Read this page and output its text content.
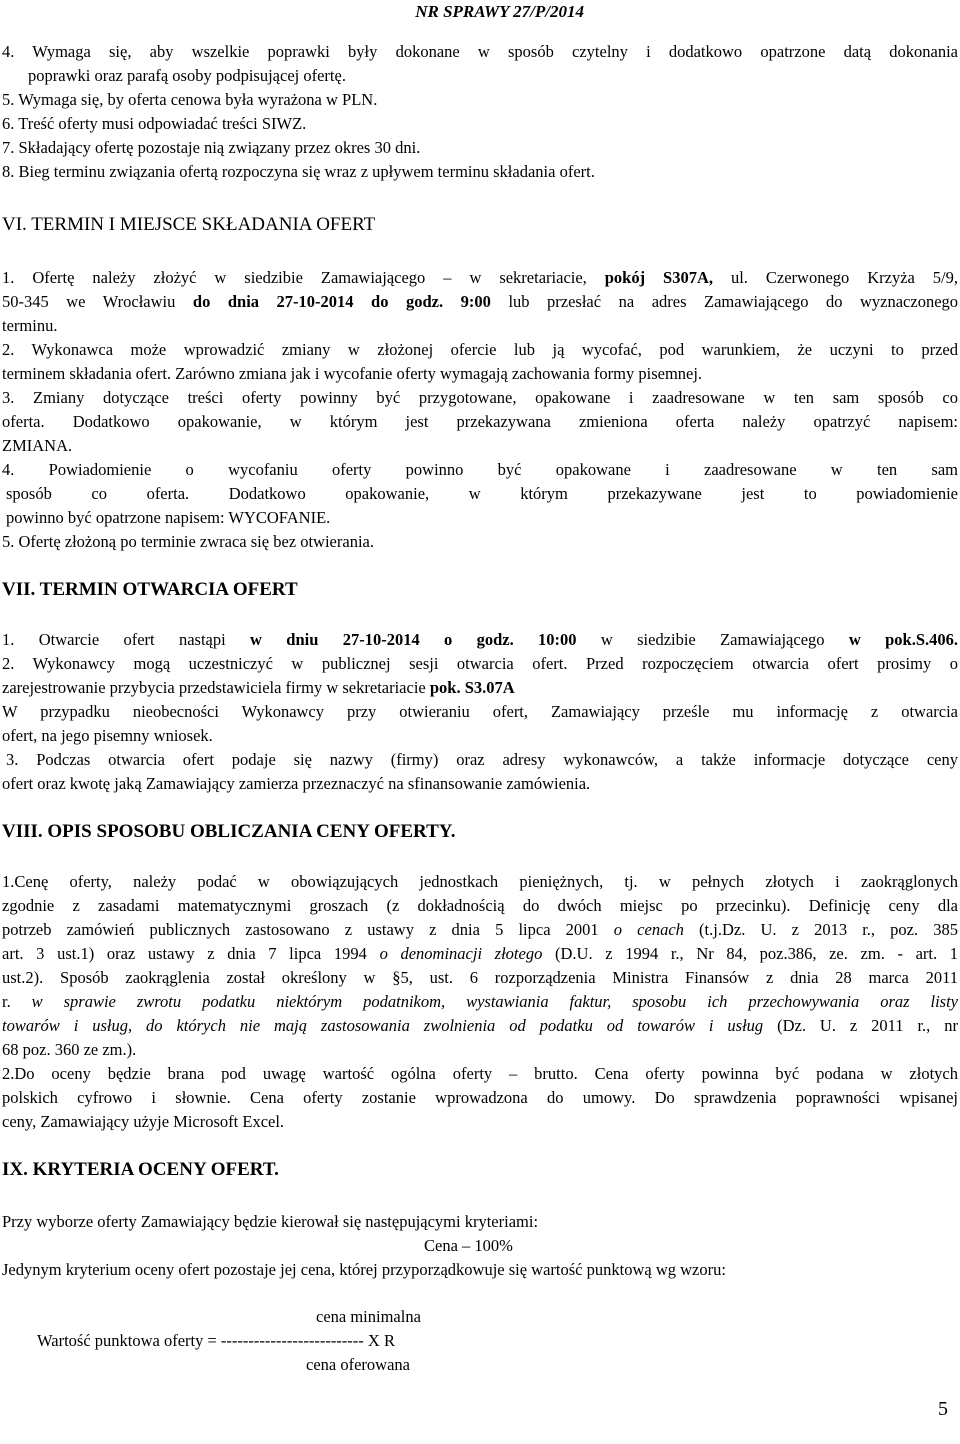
NR SPRAWY 27/P/2014

4. Wymaga się, aby wszelkie poprawki były dokonane w sposób czytelny i dodatkowo opatrzone datą dokonania

poprawki oraz parafą osoby podpisującej ofertę.

5. Wymaga się, by oferta cenowa była wyrażona w PLN.

6. Treść oferty musi odpowiadać treści SIWZ.

7. Składający ofertę pozostaje nią związany przez okres 30 dni.

8. Bieg terminu związania ofertą rozpoczyna się wraz z upływem terminu składania ofert.

VI. TERMIN I MIEJSCE SKŁADANIA OFERT

1. Ofertę należy złożyć w siedzibie Zamawiającego – w sekretariacie, pokój S307A, ul. Czerwonego Krzyża 5/9,

50-345 we Wrocławiu do dnia 27-10-2014 do godz. 9:00 lub przesłać na adres Zamawiającego do wyznaczonego

terminu.

2. Wykonawca może wprowadzić zmiany w złożonej ofercie lub ją wycofać, pod warunkiem, że uczyni to przed

terminem składania ofert. Zarówno zmiana jak i wycofanie oferty wymagają zachowania formy pisemnej.

3. Zmiany dotyczące treści oferty powinny być przygotowane, opakowane i zaadresowane w ten sam sposób co

oferta. Dodatkowo opakowanie, w którym jest przekazywana zmieniona oferta należy opatrzyć napisem:

ZMIANA.

4. Powiadomienie o wycofaniu oferty powinno być opakowane i zaadresowane w ten sam

sposób co oferta. Dodatkowo opakowanie, w którym przekazywane jest to powiadomienie

powinno być opatrzone napisem: WYCOFANIE.

5. Ofertę złożoną po terminie zwraca się bez otwierania.

VII. TERMIN OTWARCIA OFERT

1. Otwarcie ofert nastąpi w dniu 27-10-2014 o godz. 10:00 w siedzibie Zamawiającego w pok.S.406.

2. Wykonawcy mogą uczestniczyć w publicznej sesji otwarcia ofert. Przed rozpoczęciem otwarcia ofert prosimy o

zarejestrowanie przybycia przedstawiciela firmy w sekretariacie pok. S3.07A

W przypadku nieobecności Wykonawcy przy otwieraniu ofert, Zamawiający prześle mu informację z otwarcia

ofert, na jego pisemny wniosek.

3. Podczas otwarcia ofert podaje się nazwy (firmy) oraz adresy wykonawców, a także informacje dotyczące ceny

ofert oraz kwotę jaką Zamawiający zamierza przeznaczyć na sfinansowanie zamówienia.

VIII. OPIS SPOSOBU OBLICZANIA CENY OFERTY.

1.Cenę oferty, należy podać w obowiązujących jednostkach pieniężnych, tj. w pełnych złotych i zaokrąglonych

zgodnie z zasadami matematycznymi groszach (z dokładnością do dwóch miejsc po przecinku). Definicję ceny dla

potrzeb zamówień publicznych zastosowano z ustawy z dnia 5 lipca 2001 o cenach (t.j.Dz. U. z 2013 r., poz. 385

art. 3 ust.1) oraz ustawy z dnia 7 lipca 1994 o denominacji złotego (D.U. z 1994 r., Nr 84, poz.386, ze. zm. - art. 1

ust.2). Sposób zaokrąglenia został określony w §5, ust. 6 rozporządzenia Ministra Finansów z dnia 28 marca 2011

r. w sprawie zwrotu podatku niektórym podatnikom, wystawiania faktur, sposobu ich przechowywania oraz listy

towarów i usług, do których nie mają zastosowania zwolnienia od podatku od towarów i usług (Dz. U. z 2011 r., nr

68 poz. 360 ze zm.).

2.Do oceny będzie brana pod uwagę wartość ogólna oferty – brutto. Cena oferty powinna być podana w złotych

polskich cyfrowo i słownie. Cena oferty zostanie wprowadzona do umowy. Do sprawdzenia poprawności wpisanej

ceny, Zamawiający użyje Microsoft Excel.

IX. KRYTERIA OCENY OFERT.

Przy wyborze oferty Zamawiający będzie kierował się następującymi kryteriami:

Cena – 100%

Jedynym kryterium oceny ofert pozostaje jej cena, której przyporządkowuje się wartość punktową wg wzoru:

cena minimalna

Wartość punktowa oferty = -------------------------- X R

cena oferowana

5
